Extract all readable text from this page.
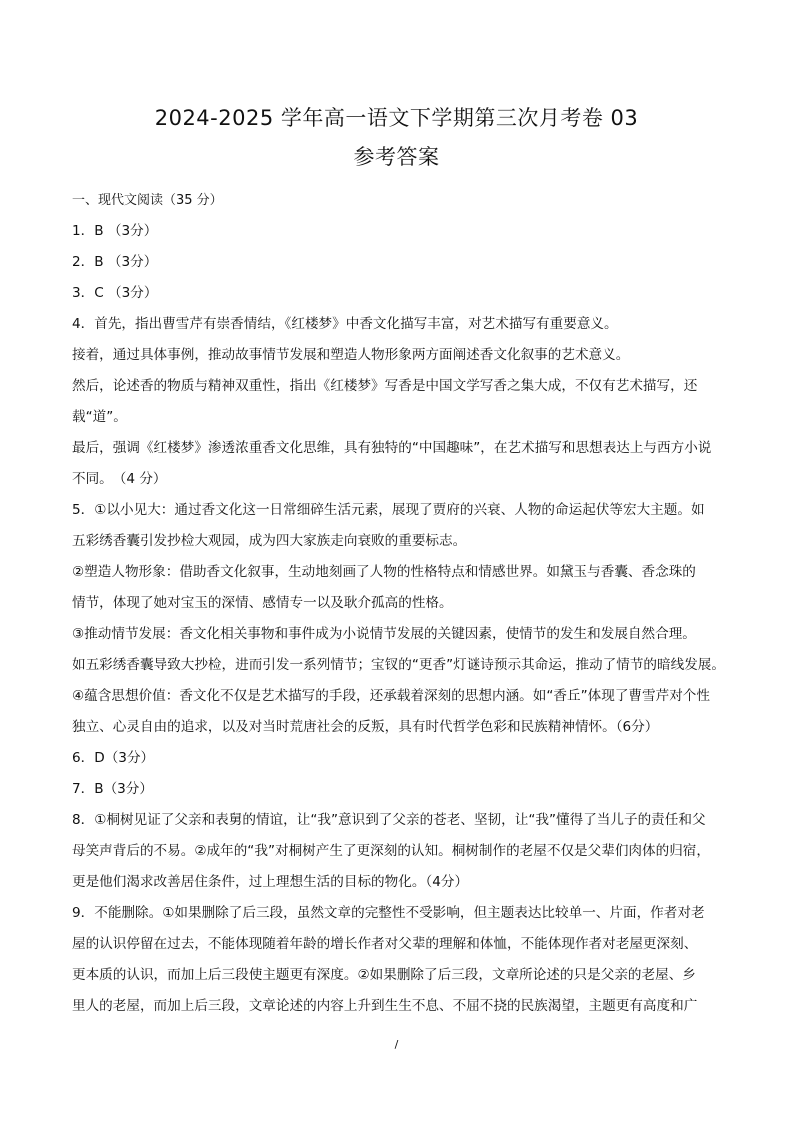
2024-2025 学年高一语文下学期第三次月考卷 03
参考答案
一、现代文阅读（35 分）
1．B （3分）
2．B （3分）
3．C （3分）
4．首先，指出曹雪芹有崇香情结，《红楼梦》中香文化描写丰富，对艺术描写有重要意义。
接着，通过具体事例，推动故事情节发展和塑造人物形象两方面阐述香文化叙事的艺术意义。
然后，论述香的物质与精神双重性，指出《红楼梦》写香是中国文学写香之集大成，不仅有艺术描写，还
载“道”。
最后，强调《红楼梦》渗透浓重香文化思维，具有独特的“中国趣味”，在艺术描写和思想表达上与西方小说
不同。　（4 分）
5．①以小见大：通过香文化这一日常细碎生活元素，展现了贾府的兴衰、人物的命运起伏等宏大主题。如
五彩绣香囊引发抄检大观园，成为四大家族走向衰败的重要标志。
②塑造人物形象：借助香文化叙事，生动地刻画了人物的性格特点和情感世界。如黛玉与香囊、香念珠的
情节，体现了她对宝玉的深情、感情专一以及耿介孤高的性格。
③推动情节发展：香文化相关事物和事件成为小说情节发展的关键因素，使情节的发生和发展自然合理。
如五彩绣香囊导致大抄检，进而引发一系列情节；宝钗的“更香”灯谜诗预示其命运，推动了情节的暗线发展。
④蕴含思想价值：香文化不仅是艺术描写的手段，还承载着深刻的思想内涵。如“香丘”体现了曹雪芹对个性
独立、心灵自由的追求，以及对当时荒唐社会的反叛，具有时代哲学色彩和民族精神情怀。（6分）
6．D（3分）
7．B（3分）
8．①桐树见证了父亲和表舅的情谊，让“我”意识到了父亲的苍老、坚韧，让“我”懂得了当儿子的责任和父
母笑声背后的不易。②成年的“我”对桐树产生了更深刻的认知。桐树制作的老屋不仅是父辈们肉体的归宿，
更是他们渴求改善居住条件，过上理想生活的目标的物化。（4分）
9．不能删除。①如果删除了后三段，虽然文章的完整性不受影响，但主题表达比较单一、片面，作者对老
屋的认识停留在过去，不能体现随着年龄的增长作者对父辈的理解和体恤，不能体现作者对老屋更深刻、
更本质的认识，而加上后三段使主题更有深度。②如果删除了后三段，文章所论述的只是父亲的老屋、乡
里人的老屋，而加上后三段，文章论述的内容上升到生生不息、不屈不挠的民族渴望，主题更有高度和广
/
